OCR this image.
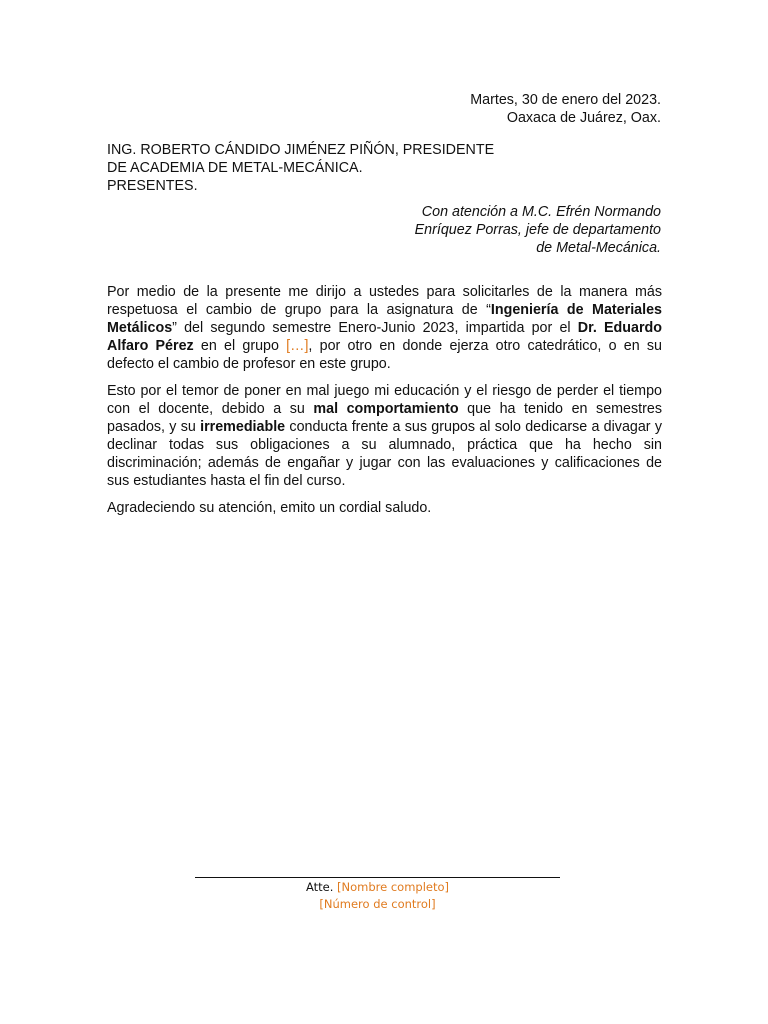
Martes, 30 de enero del 2023.
Oaxaca de Juárez, Oax.
ING. ROBERTO CÁNDIDO JIMÉNEZ PIÑÓN, PRESIDENTE
DE ACADEMIA DE METAL-MECÁNICA.
PRESENTES.
Con atención a M.C. Efrén Normando
Enríquez Porras, jefe de departamento
de Metal-Mecánica.

Por medio de la presente me dirijo a ustedes para solicitarles de la manera más respetuosa el cambio de grupo para la asignatura de “Ingeniería de Materiales Metálicos” del segundo semestre Enero-Junio 2023, impartida por el Dr. Eduardo Alfaro Pérez en el grupo […], por otro en donde ejerza otro catedrático, o en su defecto el cambio de profesor en este grupo.

Esto por el temor de poner en mal juego mi educación y el riesgo de perder el tiempo con el docente, debido a su mal comportamiento que ha tenido en semestres pasados, y su irremediable conducta frente a sus grupos al solo dedicarse a divagar y declinar todas sus obligaciones a su alumnado, práctica que ha hecho sin discriminación; además de engañar y jugar con las evaluaciones y calificaciones de sus estudiantes hasta el fin del curso.

Agradeciendo su atención, emito un cordial saludo.

Atte. [Nombre completo]
[Número de control]
